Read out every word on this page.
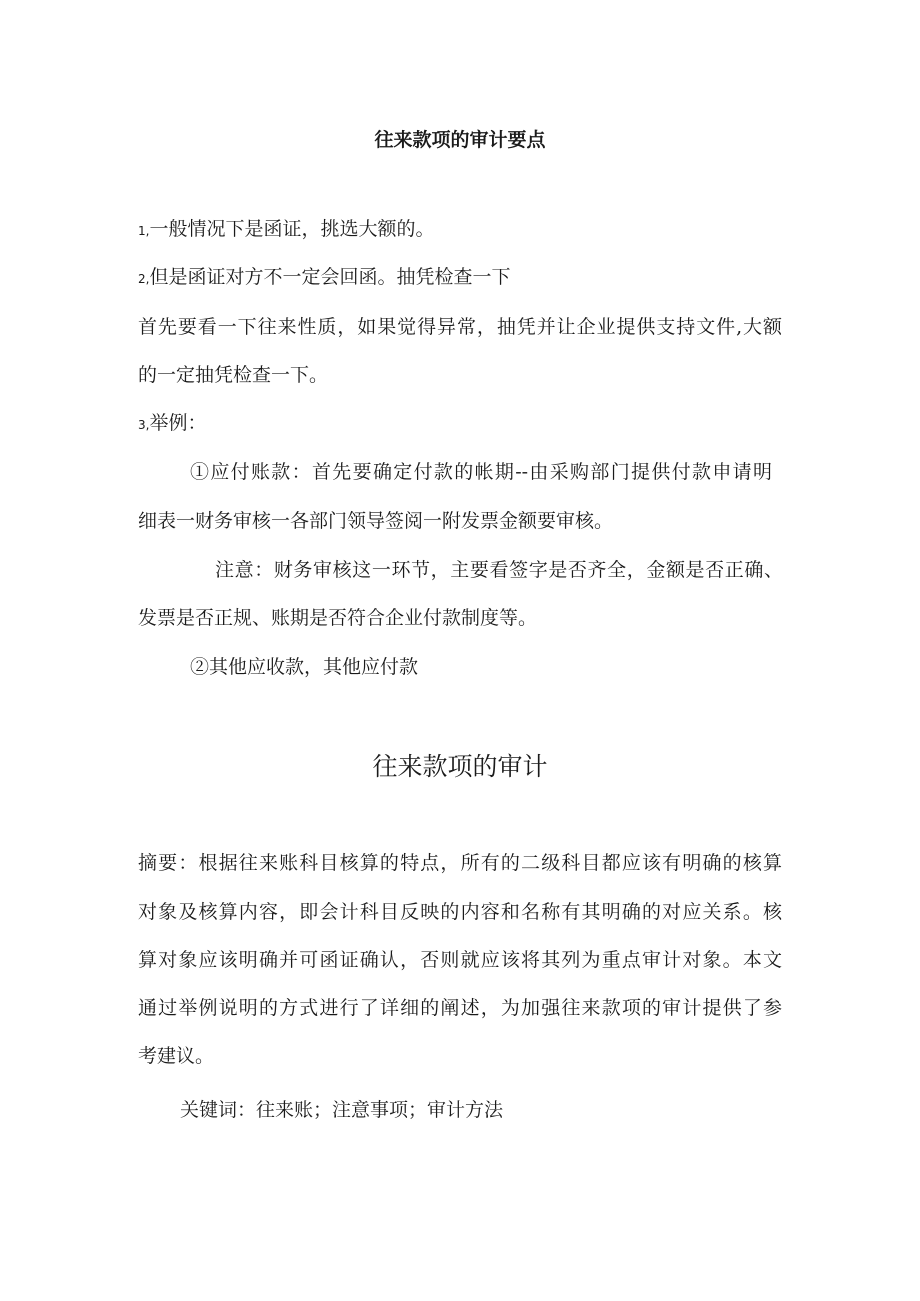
往来款项的审计要点
1,一般情况下是函证，挑选大额的。
2,但是函证对方不一定会回函。抽凭检查一下
首先要看一下往来性质，如果觉得异常，抽凭并让企业提供支持文件,大额
的一定抽凭检查一下。
3,举例：
①应付账款：首先要确定付款的帐期--由采购部门提供付款申请明
细表一财务审核一各部门领导签阅一附发票金额要审核。
注意：财务审核这一环节，主要看签字是否齐全，金额是否正确、
发票是否正规、账期是否符合企业付款制度等。
②其他应收款，其他应付款
往来款项的审计
摘要：根据往来账科目核算的特点，所有的二级科目都应该有明确的核算
对象及核算内容，即会计科目反映的内容和名称有其明确的对应关系。核
算对象应该明确并可函证确认，否则就应该将其列为重点审计对象。本文
通过举例说明的方式进行了详细的阐述，为加强往来款项的审计提供了参
考建议。
关键词：往来账；注意事项；审计方法
